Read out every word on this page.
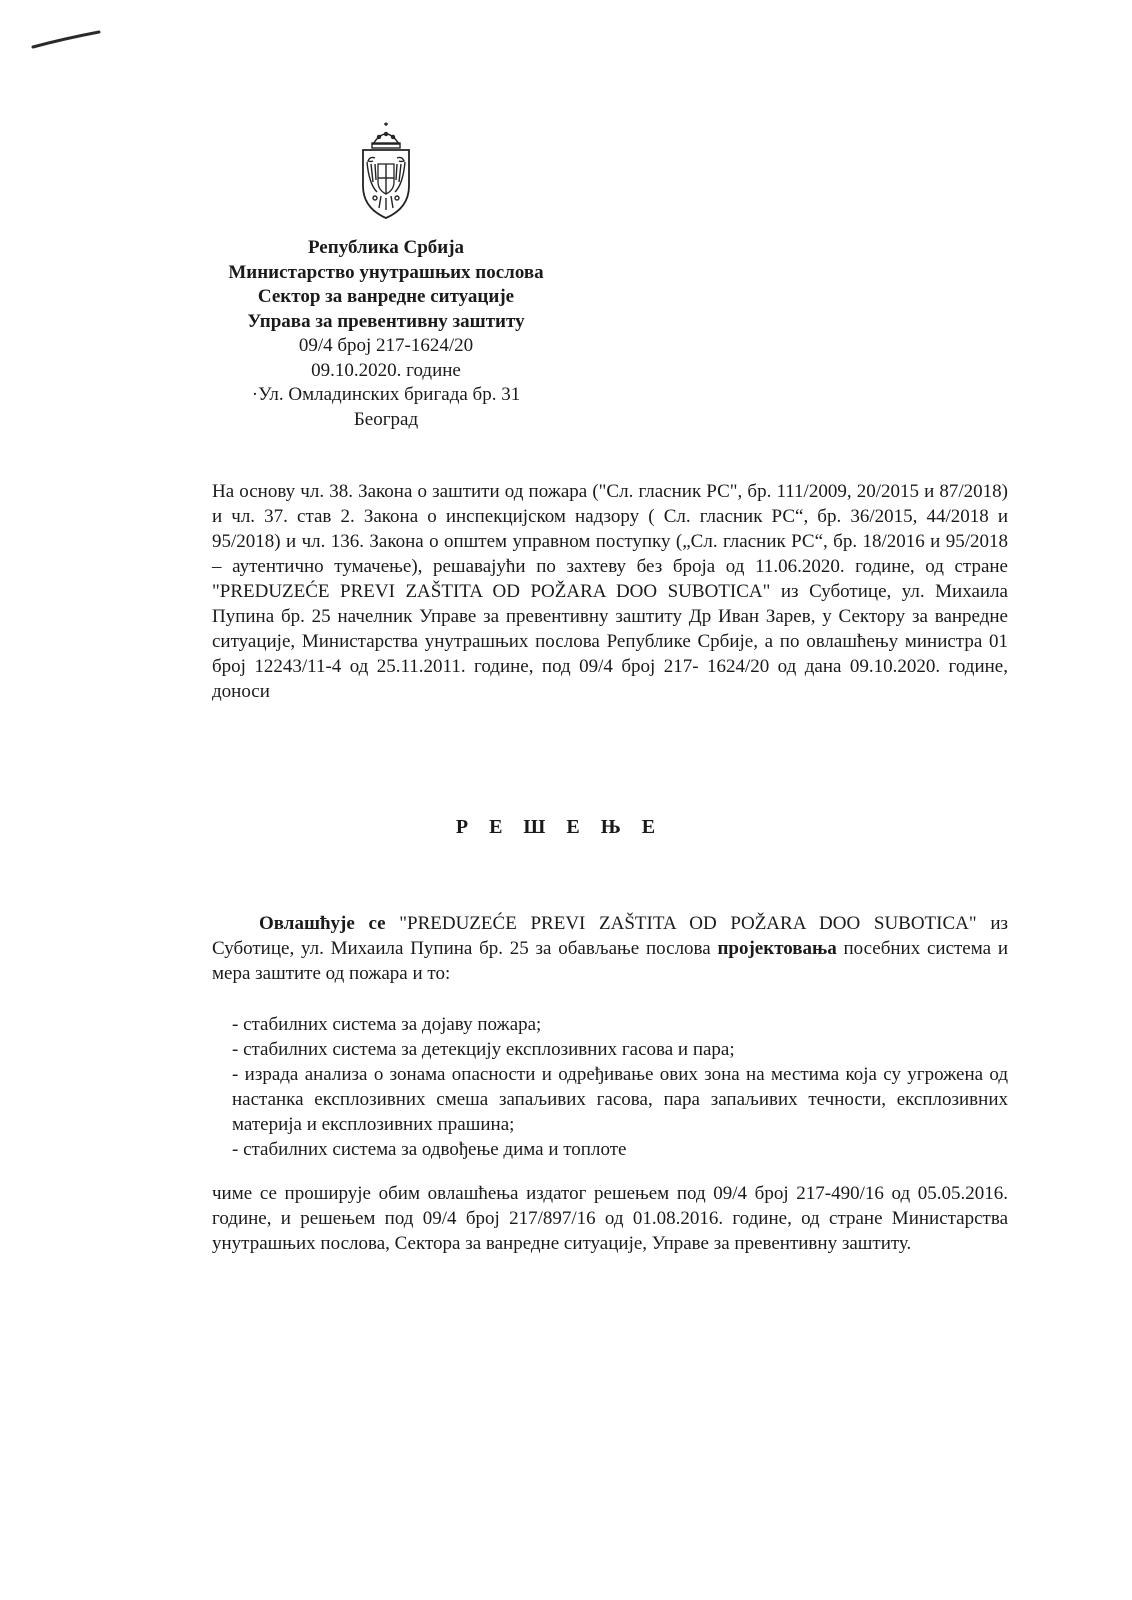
Република Србија
Министарство унутрашњих послова
Сектор за ванредне ситуације
Управа за превентивну заштиту
09/4 број 217-1624/20
09.10.2020. године
·Ул. Омладинских бригада бр. 31
Београд

На основу чл. 38. Закона о заштити од пожара ("Сл. гласник РС", бр. 111/2009, 20/2015 и 87/2018) и чл. 37. став 2. Закона о инспекцијском надзору ( Сл. гласник РС“, бр. 36/2015, 44/2018 и 95/2018) и чл. 136. Закона о општем управном поступку („Сл. гласник РС“, бр. 18/2016 и 95/2018 – аутентично тумачење), решавајући по захтеву без броја од 11.06.2020. године, од стране "PREDUZEĆE PREVI ZAŠTITA OD POŽARA DOO SUBOTICA" из Суботице, ул. Михаила Пупина бр. 25 начелник Управе за превентивну заштиту Др Иван Зарев, у Сектору за ванредне ситуације, Министарства унутрашњих послова Републике Србије, а по овлашћењу министра 01 број 12243/11-4 од 25.11.2011. године, под 09/4 број 217- 1624/20 од дана 09.10.2020. године, доноси

РЕШЕЊЕ

Овлашћује се "PREDUZEĆE PREVI ZAŠTITA OD POŽARA DOO SUBOTICA" из Суботице, ул. Михаила Пупина бр. 25 за обављање послова пројектовања посебних система и мера заштите од пожара и то:

- стабилних система за дојаву пожара;
- стабилних система за детекцију експлозивних гасова и пара;
- израда анализа о зонама опасности и одређивање ових зона на местима која су угрожена од настанка експлозивних смеша запаљивих гасова, пара запаљивих течности, експлозивних материја и експлозивних прашина;
- стабилних система за одвођење дима и топлоте

чиме се проширује обим овлашћења издатог решењем под 09/4 број 217-490/16 од 05.05.2016. године, и решењем под 09/4 број 217/897/16 од 01.08.2016. године, од стране Министарства унутрашњих послова, Сектора за ванредне ситуације, Управе за превентивну заштиту.
